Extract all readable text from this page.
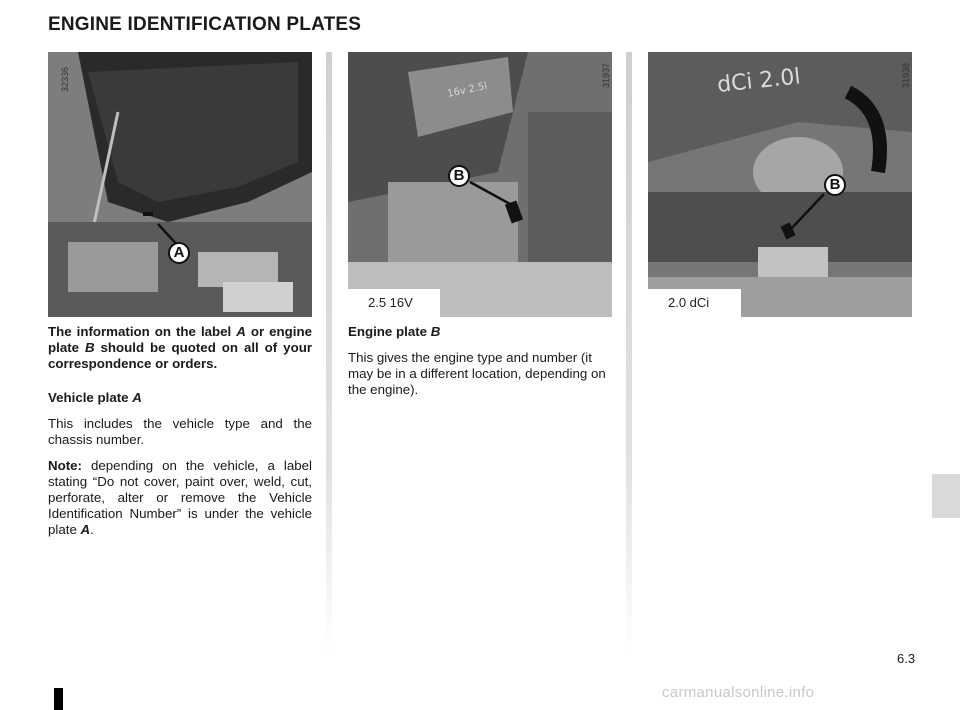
ENGINE IDENTIFICATION PLATES
A
32336	16v 2.5l
B
2.5 16V
31937	dCi 2.0l
B
2.0 dCi
31938

The information on the label A or engine plate B should be quoted on all of your correspondence or orders.

Vehicle plate A

This includes the vehicle type and the chassis number.

Note: depending on the vehicle, a label stating “Do not cover, paint over, weld, cut, perforate, alter or remove the Vehicle Identification Number” is under the vehicle plate A.

Engine plate B

This gives the engine type and number (it may be in a different location, depending on the engine).

6.3
carmanualsonline.info
